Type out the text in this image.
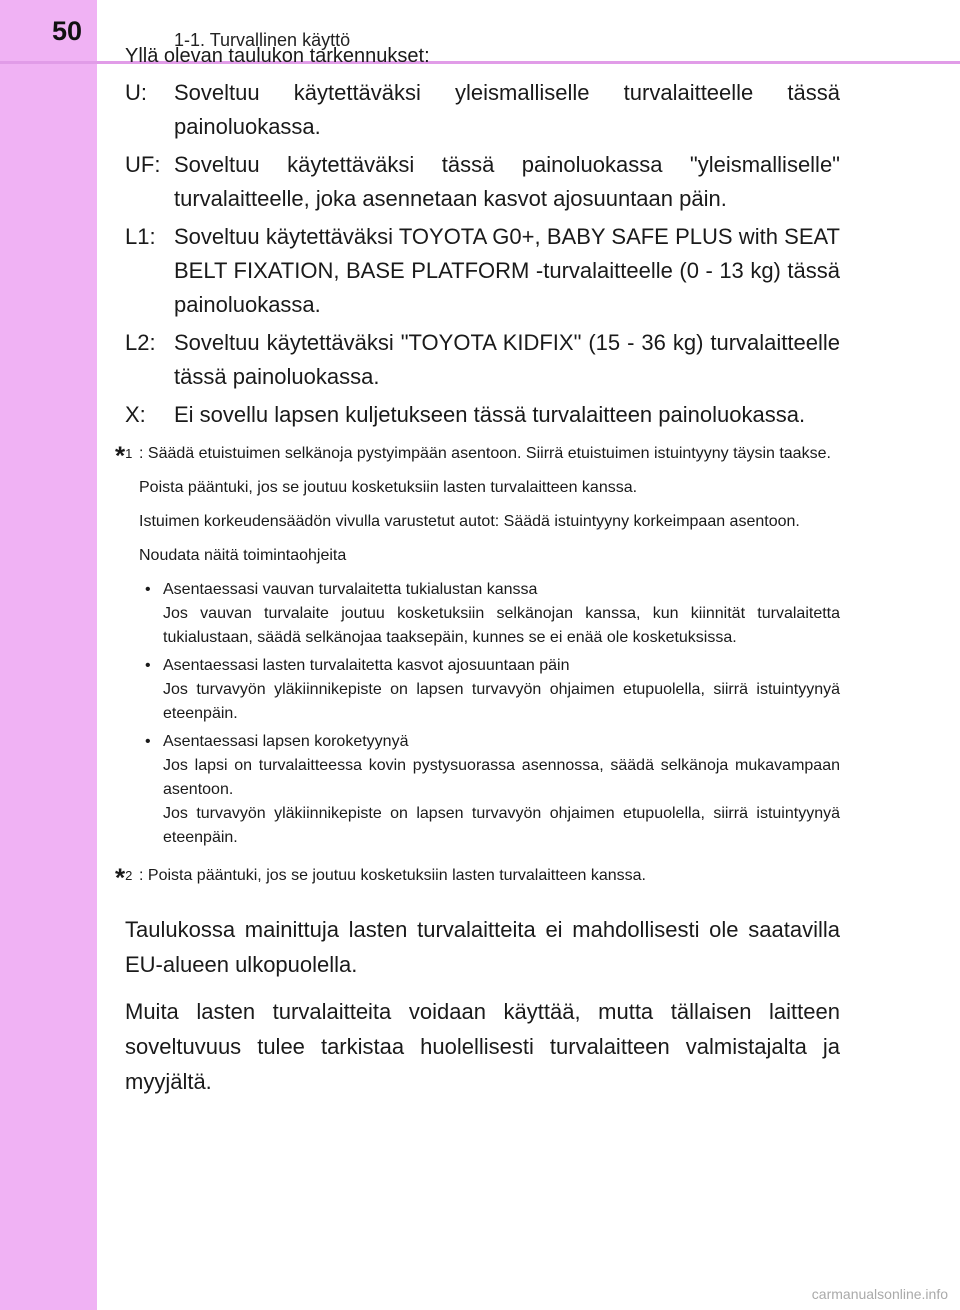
50	1-1. Turvallinen käyttö
Yllä olevan taulukon tarkennukset:
U:	Soveltuu käytettäväksi yleismalliselle turvalaitteelle tässä painoluokassa.
UF: Soveltuu käytettäväksi tässä painoluokassa "yleismalliselle" turvalaitteelle, joka asennetaan kasvot ajosuuntaan päin.
L1: Soveltuu käytettäväksi TOYOTA G0+, BABY SAFE PLUS with SEAT BELT FIXATION, BASE PLATFORM -turvalaitteelle (0 - 13 kg) tässä painoluokassa.
L2: Soveltuu käytettäväksi "TOYOTA KIDFIX" (15 - 36 kg) turvalaitteelle tässä painoluokassa.
X:	Ei sovellu lapsen kuljetukseen tässä turvalaitteen painoluokassa.
*$^1$ : Säädä etuistuimen selkänoja pystyimpään asentoon. Siirrä etuistuimen istuintyyny täysin taakse.

Poista pääntuki, jos se joutuu kosketuksiin lasten turvalaitteen kanssa.

Istuimen korkeudensäädön vivulla varustetut autot: Säädä istuintyyny korkeimpaan asentoon.

Noudata näitä toimintaohjeita

• Asentaessasi vauvan turvalaitetta tukialustan kanssa
Jos vauvan turvalaite joutuu kosketuksiin selkänojan kanssa, kun kiinnität turvalaitetta tukialustaan, säädä selkänojaa taaksepäin, kunnes se ei enää ole kosketuksissa.
• Asentaessasi lasten turvalaitetta kasvot ajosuuntaan päin
Jos turvavyön yläkiinnikepiste on lapsen turvavyön ohjaimen etupuolella, siirrä istuintyynyä eteenpäin.
• Asentaessasi lapsen koroketyynyä
Jos lapsi on turvalaitteessa kovin pystysuorassa asennossa, säädä selkänoja mukavampaan asentoon.
Jos turvavyön yläkiinnikepiste on lapsen turvavyön ohjaimen etupuolella, siirrä istuintyynyä eteenpäin.
*$^2$ : Poista pääntuki, jos se joutuu kosketuksiin lasten turvalaitteen kanssa.

Taulukossa mainittuja lasten turvalaitteita ei mahdollisesti ole saatavilla EU-alueen ulkopuolella.

Muita lasten turvalaitteita voidaan käyttää, mutta tällaisen laitteen soveltuvuus tulee tarkistaa huolellisesti turvalaitteen valmistajalta ja myyjältä.

carmanualsonline.info
